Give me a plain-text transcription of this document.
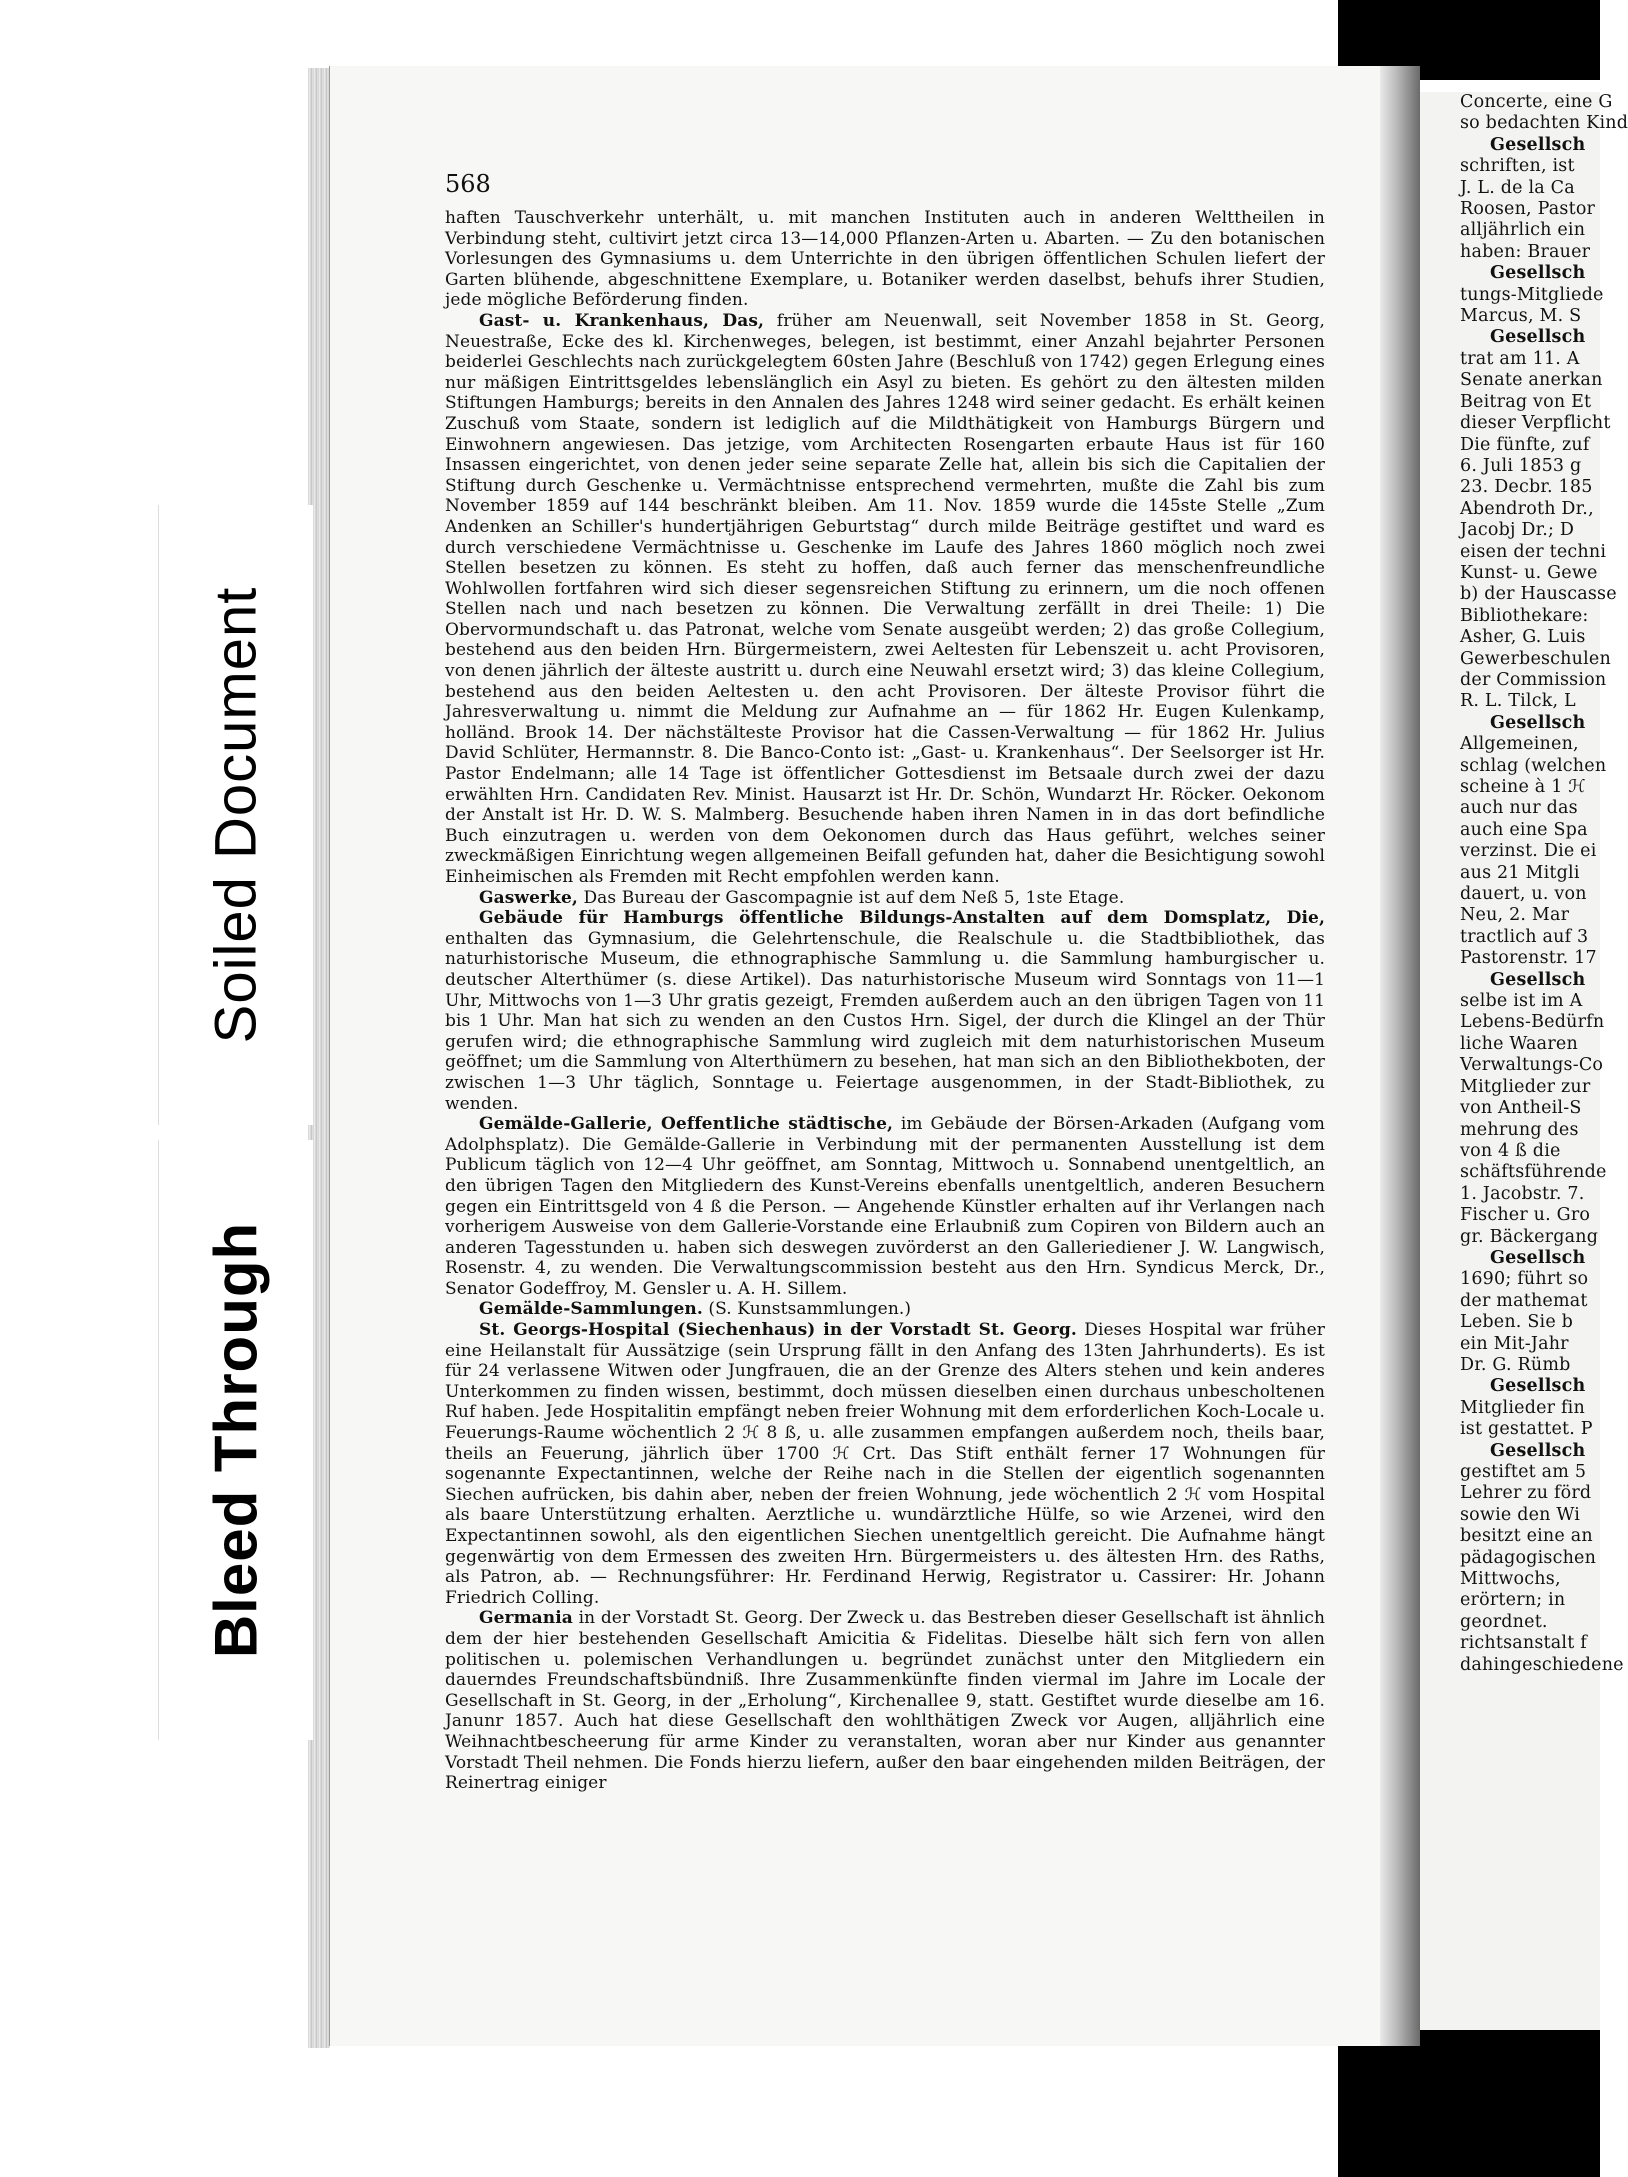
Concerte, eine G
so bedachten Kind
Gesellsch
schriften, ist
J. L. de la Ca
Roosen, Pastor
alljährlich ein
haben: Brauer
Gesellsch
tungs-Mitgliede
Marcus, M. S
Gesellsch
trat am 11. A
Senate anerkan
Beitrag von Et
dieser Verpflicht
Die fünfte, zuf
6. Juli 1853 g
23. Decbr. 185
Abendroth Dr.,
Jacobj Dr.; D
eisen der techni
Kunst- u. Gewe
b) der Hauscasse
Bibliothekare:
Asher, G. Luis
Gewerbeschulen
der Commission
R. L. Tilck, L
Gesellsch
Allgemeinen,
schlag (welchen
scheine à 1 ℋ
auch nur das
auch eine Spa
verzinst. Die ei
aus 21 Mitgli
dauert, u. von
Neu, 2. Mar
tractlich auf 3
Pastorenstr. 17
Gesellsch
selbe ist im A
Lebens-Bedürfn
liche Waaren
Verwaltungs-Co
Mitglieder zur
von Antheil-S
mehrung des
von 4 ß die
schäftsführende
1. Jacobstr. 7.
Fischer u. Gro
gr. Bäckergang
Gesellsch
1690; führt so
der mathemat
Leben. Sie b
ein Mit-Jahr
Dr. G. Rümb
Gesellsch
Mitglieder fin
ist gestattet. P
Gesellsch
gestiftet am 5
Lehrer zu förd
sowie den Wi
besitzt eine an
pädagogischen
Mittwochs,
erörtern; in
geordnet.
richtsanstalt f
dahingeschiedene
568

haften Tauschverkehr unterhält, u. mit manchen Instituten auch in anderen Welttheilen in Verbindung steht, cultivirt jetzt circa 13—14,000 Pflanzen-Arten u. Abarten. — Zu den botanischen Vorlesungen des Gymnasiums u. dem Unterrichte in den übrigen öffentlichen Schulen liefert der Garten blühende, abgeschnittene Exemplare, u. Botaniker werden daselbst, behufs ihrer Studien, jede mögliche Beförderung finden.

Gast- u. Krankenhaus, Das, früher am Neuenwall, seit November 1858 in St. Georg, Neuestraße, Ecke des kl. Kirchenweges, belegen, ist bestimmt, einer Anzahl bejahrter Personen beiderlei Geschlechts nach zurückgelegtem 60sten Jahre (Beschluß von 1742) gegen Erlegung eines nur mäßigen Eintrittsgeldes lebenslänglich ein Asyl zu bieten. Es gehört zu den ältesten milden Stiftungen Hamburgs; bereits in den Annalen des Jahres 1248 wird seiner gedacht. Es erhält keinen Zuschuß vom Staate, sondern ist lediglich auf die Mildthätigkeit von Hamburgs Bürgern und Einwohnern angewiesen. Das jetzige, vom Architecten Rosengarten erbaute Haus ist für 160 Insassen eingerichtet, von denen jeder seine separate Zelle hat, allein bis sich die Capitalien der Stiftung durch Geschenke u. Vermächtnisse entsprechend vermehrten, mußte die Zahl bis zum November 1859 auf 144 beschränkt bleiben. Am 11. Nov. 1859 wurde die 145ste Stelle „Zum Andenken an Schiller's hundertjährigen Geburtstag“ durch milde Beiträge gestiftet und ward es durch verschiedene Vermächtnisse u. Geschenke im Laufe des Jahres 1860 möglich noch zwei Stellen besetzen zu können. Es steht zu hoffen, daß auch ferner das menschenfreundliche Wohlwollen fortfahren wird sich dieser segensreichen Stiftung zu erinnern, um die noch offenen Stellen nach und nach besetzen zu können. Die Verwaltung zerfällt in drei Theile: 1) Die Obervormundschaft u. das Patronat, welche vom Senate ausgeübt werden; 2) das große Collegium, bestehend aus den beiden Hrn. Bürgermeistern, zwei Aeltesten für Lebenszeit u. acht Provisoren, von denen jährlich der älteste austritt u. durch eine Neuwahl ersetzt wird; 3) das kleine Collegium, bestehend aus den beiden Aeltesten u. den acht Provisoren. Der älteste Provisor führt die Jahresverwaltung u. nimmt die Meldung zur Aufnahme an — für 1862 Hr. Eugen Kulenkamp, holländ. Brook 14. Der nächstälteste Provisor hat die Cassen-Verwaltung — für 1862 Hr. Julius David Schlüter, Hermannstr. 8. Die Banco-Conto ist: „Gast- u. Krankenhaus“. Der Seelsorger ist Hr. Pastor Endelmann; alle 14 Tage ist öffentlicher Gottesdienst im Betsaale durch zwei der dazu erwählten Hrn. Candidaten Rev. Minist. Hausarzt ist Hr. Dr. Schön, Wundarzt Hr. Röcker. Oekonom der Anstalt ist Hr. D. W. S. Malmberg. Besuchende haben ihren Namen in in das dort befindliche Buch einzutragen u. werden von dem Oekonomen durch das Haus geführt, welches seiner zweckmäßigen Einrichtung wegen allgemeinen Beifall gefunden hat, daher die Besichtigung sowohl Einheimischen als Fremden mit Recht empfohlen werden kann.

Gaswerke, Das Bureau der Gascompagnie ist auf dem Neß 5, 1ste Etage.

Gebäude für Hamburgs öffentliche Bildungs-Anstalten auf dem Domsplatz, Die, enthalten das Gymnasium, die Gelehrtenschule, die Realschule u. die Stadtbibliothek, das naturhistorische Museum, die ethnographische Sammlung u. die Sammlung hamburgischer u. deutscher Alterthümer (s. diese Artikel). Das naturhistorische Museum wird Sonntags von 11—1 Uhr, Mittwochs von 1—3 Uhr gratis gezeigt, Fremden außerdem auch an den übrigen Tagen von 11 bis 1 Uhr. Man hat sich zu wenden an den Custos Hrn. Sigel, der durch die Klingel an der Thür gerufen wird; die ethnographische Sammlung wird zugleich mit dem naturhistorischen Museum geöffnet; um die Sammlung von Alterthümern zu besehen, hat man sich an den Bibliothekboten, der zwischen 1—3 Uhr täglich, Sonntage u. Feiertage ausgenommen, in der Stadt-Bibliothek, zu wenden.

Gemälde-Gallerie, Oeffentliche städtische, im Gebäude der Börsen-Arkaden (Aufgang vom Adolphsplatz). Die Gemälde-Gallerie in Verbindung mit der permanenten Ausstellung ist dem Publicum täglich von 12—4 Uhr geöffnet, am Sonntag, Mittwoch u. Sonnabend unentgeltlich, an den übrigen Tagen den Mitgliedern des Kunst-Vereins ebenfalls unentgeltlich, anderen Besuchern gegen ein Eintrittsgeld von 4 ß die Person. — Angehende Künstler erhalten auf ihr Verlangen nach vorherigem Ausweise von dem Gallerie-Vorstande eine Erlaubniß zum Copiren von Bildern auch an anderen Tagesstunden u. haben sich deswegen zuvörderst an den Galleriediener J. W. Langwisch, Rosenstr. 4, zu wenden. Die Verwaltungscommission besteht aus den Hrn. Syndicus Merck, Dr., Senator Godeffroy, M. Gensler u. A. H. Sillem.

Gemälde-Sammlungen. (S. Kunstsammlungen.)

St. Georgs-Hospital (Siechenhaus) in der Vorstadt St. Georg. Dieses Hospital war früher eine Heilanstalt für Aussätzige (sein Ursprung fällt in den Anfang des 13ten Jahrhunderts). Es ist für 24 verlassene Witwen oder Jungfrauen, die an der Grenze des Alters stehen und kein anderes Unterkommen zu finden wissen, bestimmt, doch müssen dieselben einen durchaus unbescholtenen Ruf haben. Jede Hospitalitin empfängt neben freier Wohnung mit dem erforderlichen Koch-Locale u. Feuerungs-Raume wöchentlich 2 ℋ 8 ß, u. alle zusammen empfangen außerdem noch, theils baar, theils an Feuerung, jährlich über 1700 ℋ Crt. Das Stift enthält ferner 17 Wohnungen für sogenannte Expectantinnen, welche der Reihe nach in die Stellen der eigentlich sogenannten Siechen aufrücken, bis dahin aber, neben der freien Wohnung, jede wöchentlich 2 ℋ vom Hospital als baare Unterstützung erhalten. Aerztliche u. wundärztliche Hülfe, so wie Arzenei, wird den Expectantinnen sowohl, als den eigentlichen Siechen unentgeltlich gereicht. Die Aufnahme hängt gegenwärtig von dem Ermessen des zweiten Hrn. Bürgermeisters u. des ältesten Hrn. des Raths, als Patron, ab. — Rechnungsführer: Hr. Ferdinand Herwig, Registrator u. Cassirer: Hr. Johann Friedrich Colling.

Germania in der Vorstadt St. Georg. Der Zweck u. das Bestreben dieser Gesellschaft ist ähnlich dem der hier bestehenden Gesellschaft Amicitia & Fidelitas. Dieselbe hält sich fern von allen politischen u. polemischen Verhandlungen u. begründet zunächst unter den Mitgliedern ein dauerndes Freundschaftsbündniß. Ihre Zusammenkünfte finden viermal im Jahre im Locale der Gesellschaft in St. Georg, in der „Erholung“, Kirchenallee 9, statt. Gestiftet wurde dieselbe am 16. Janunr 1857. Auch hat diese Gesellschaft den wohlthätigen Zweck vor Augen, alljährlich eine Weihnachtbescheerung für arme Kinder zu veranstalten, woran aber nur Kinder aus genannter Vorstadt Theil nehmen. Die Fonds hierzu liefern, außer den baar eingehenden milden Beiträgen, der Reinertrag einiger

Soiled Document
Bleed Through
